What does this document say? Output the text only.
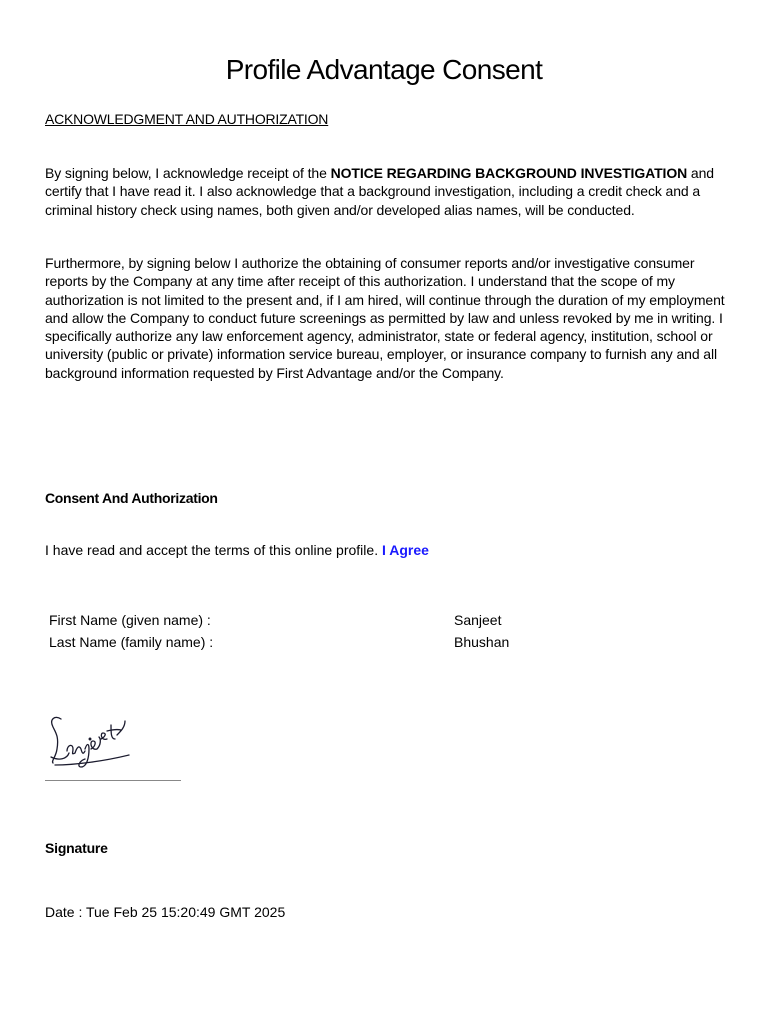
Profile Advantage Consent
ACKNOWLEDGMENT AND AUTHORIZATION

By signing below, I acknowledge receipt of the NOTICE REGARDING BACKGROUND INVESTIGATION and certify that I have read it. I also acknowledge that a background investigation, including a credit check and a criminal history check using names, both given and/or developed alias names, will be conducted.

Furthermore, by signing below I authorize the obtaining of consumer reports and/or investigative consumer reports by the Company at any time after receipt of this authorization. I understand that the scope of my authorization is not limited to the present and, if I am hired, will continue through the duration of my employment and allow the Company to conduct future screenings as permitted by law and unless revoked by me in writing. I specifically authorize any law enforcement agency, administrator, state or federal agency, institution, school or university (public or private) information service bureau, employer, or insurance company to furnish any and all background information requested by First Advantage and/or the Company.

Consent And Authorization

I have read and accept the terms of this online profile. I Agree

First Name (given name) :	Sanjeet
Last Name (family name) :	Bhushan

Signature

Date : Tue Feb 25 15:20:49 GMT 2025
